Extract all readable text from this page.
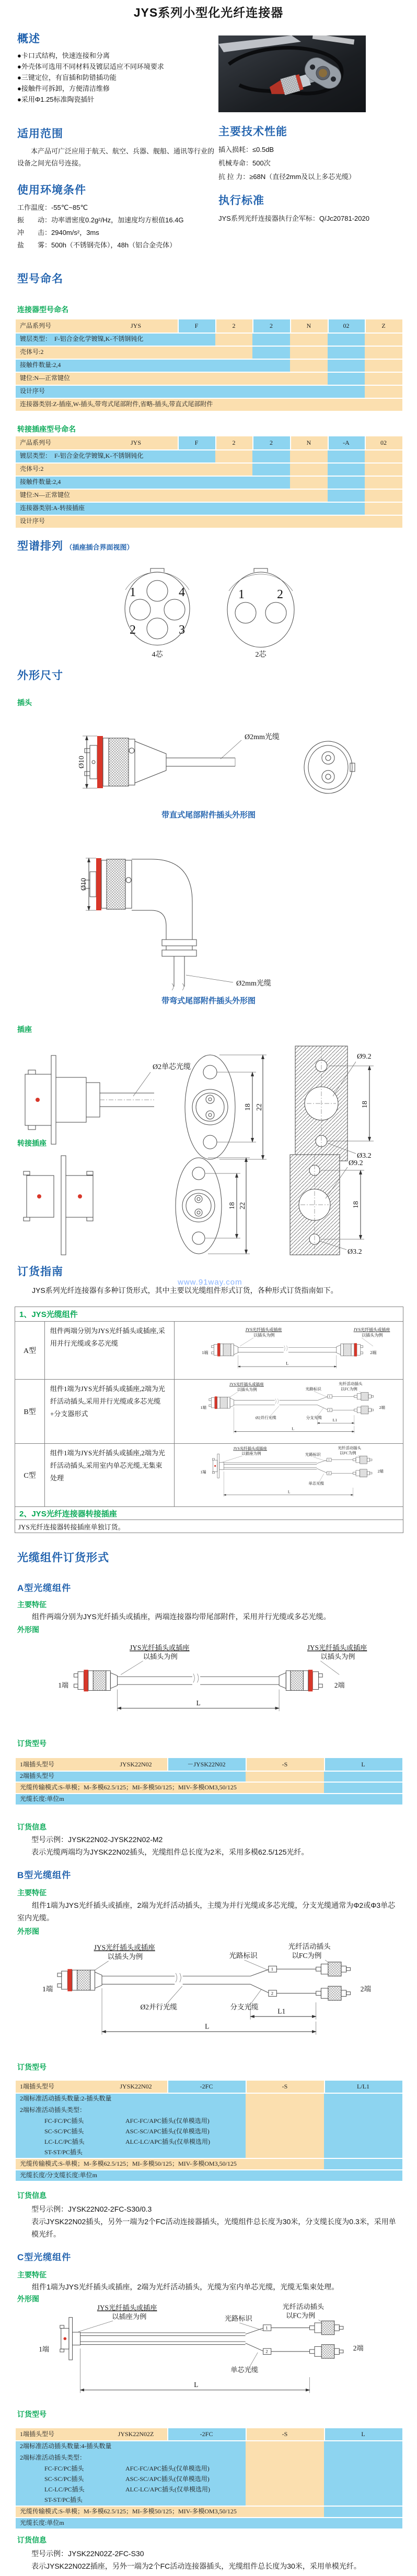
JYS系列小型化光纤连接器
概述
●卡口式结构，快速连接和分离
●外壳体可选用不同材料及镀层适应不同环境要求
●三键定位，有盲插和防错插功能
●接触件可拆卸，方便清洁维修
●采用Φ1.25标准陶瓷插针
适用范围
本产品可广泛应用于航天、航空、兵器、舰船、通讯等行业的设备之间光信号连接。
主要技术性能
插入损耗：≤0.5dB
机械寿命：500次
抗 拉 力：≥68N（直径2mm及以上多芯光缆）
使用环境条件
工作温度：-55℃~85℃
振　　动：功率谱密度0.2g²/Hz，加速度均方根值16.4G
冲　　击：2940m/s²，3ms
盐　　雾：500h（不锈钢壳体），48h（铝合金壳体）
执行标准
JYS系列光纤连接器执行企军标：Q/Jc20781-2020
型号命名
连接器型号命名
产品系列号	JYS	F	2	2	N	02	Z
镀层类型：　F-铝合金化学镀镍,K-不锈钢钝化
壳体号:2
接触件数量:2,4
键位:N—正常键位
设计序号
连接器类别:Z-插座,W-插头,带弯式尾部附件,省略-插头,带直式尾部附件
转接插座型号命名
产品系列号	JYS	F	2	2	N	-A	02
镀层类型：　F-铝合金化学镀镍,K-不锈钢钝化
壳体号:2
接触件数量:2,4
键位:N—正常键位
连接器类别:A-转接插座
设计序号
型谱排列 （插座插合界面视图）
1	4
2	3
4芯
1	2
2芯
外形尺寸
插头
Ø10
Ø2mm光缆
带直式尾部附件插头外形图
Ø10
Ø2mm光缆
带弯式尾部附件插头外形图
插座
Ø2单芯光缆
18 22
Ø9.2
Ø3.2
18
转接插座
18 22
Ø9.2
Ø3.2
18
订货指南
JYS系列光纤连接器有多种订货形式，其中主要以光缆组件形式订货，各种形式订货指南如下。
www.91way.com
1、JYS光缆组件
A型
组件两端分别为JYS光纤插头或插座,采用并行光缆或多芯光缆
JYS光纤插头或插座
以插头为例
JYS光纤插头或插座
以插头为例
1端	2端
L
B型
组件1端为JYS光纤插头或插座,2端为光纤活动插头,采用并行光缆或多芯光缆+分支器形式
JYS光纤插头或插座
以插头为例	光路标识
光纤活动插头
以FC为例
1端
1
2
2端
Ø2并行光缆	分支光缆 L1
L
C型
组件1端为JYS光纤插头或插座,2端为光纤活动插头,采用室内单芯光缆,无集束处理
JYS光纤插头或插座
以插座为例	光路标识
光纤活动插头
以FC为例
1端
1
2
2端
单芯光缆
L
2、JYS光纤连接器转接插座
JYS光纤连接器转接插座单独订货。
光缆组件订货形式
A型光缆组件
主要特征
组件两端分别为JYS光纤插头或插座，两端连接器均带尾部附件，采用并行光缆或多芯光缆。
外形图
JYS光纤插头或插座
以插头为例
JYS光纤插头或插座
以插头为例
1端	2端
L
订货型号
1端插头型号	JYSK22N02	－JYSK22N02	-S	L
2端插头型号
光缆传输模式:S-单模；M-多模62.5/125；MI-多模50/125；MIV-多模OM3,50/125
光缆长度:单位m
订货信息
型号示例：JYSK22N02-JYSK22N02-M2
表示光缆两端均为JYSK22N02插头，光缆组件总长度为2米，采用多模62.5/125光纤。
B型光缆组件
主要特征
组件1端为JYS光纤插头或插座，2端为光纤活动插头，主缆为并行光缆或多芯光缆，分支光缆通常为Φ2或Φ3单芯室内光缆。
外形图
JYS光纤插头或插座
以插头为例	光路标识
光纤活动插头
以FC为例
1端
1
2
2端
Ø2并行光缆	分支光缆
L1
L
订货型号
1端插头型号	JYSK22N02	-2FC	-S	L/L1
2端标准活动插头数量:2-插头数量
2端标准活动插头类型：
FC-FC/PC插头	AFC-FC/APC插头(仅单模选用)
SC-SC/PC插头	ASC-SC/APC插头(仅单模选用)
LC-LC/PC插头	ALC-LC/APC插头(仅单模选用)
ST-ST/PC插头
光缆传输模式:S-单模；M-多模62.5/125；MI-多模50/125；MIV-多模OM3,50/125
光缆长度/分支缆长度:单位m
订货信息
型号示例：JYSK22N02-2FC-S30/0.3
表示JYSK22N02插头，另外一端为2个FC活动连接器插头，光缆组件总长度为30米，分支缆长度为0.3米，采用单模光纤。
C型光缆组件
主要特征
组件1端为JYS光纤插头或插座，2端为光纤活动插头，光缆为室内单芯光缆，光缆无集束处理。
外形图
JYS光纤插头或插座
以插座为例	光路标识
光纤活动插头
以FC为例
1端
1
2	2端
单芯光缆
L
订货型号
1端插头型号	JYSK22N02Z	-2FC	-S	L
2端标准活动插头数量:4-插头数量
2端标准活动插头类型：
FC-FC/PC插头	AFC-FC/APC插头(仅单模选用)
SC-SC/PC插头	ASC-SC/APC插头(仅单模选用)
LC-LC/PC插头	ALC-LC/APC插头(仅单模选用)
ST-ST/PC插头
光缆传输模式:S-单模；M-多模62.5/125；MI-多模50/125；MIV-多模OM3,50/125
光缆长度:单位m
订货信息
型号示例：JYSK22N02Z-2FC-S30
表示JYSK22N02Z插座，另外一端为2个FC活动连接器插头，光缆组件总长度为30米，采用单模光纤。
